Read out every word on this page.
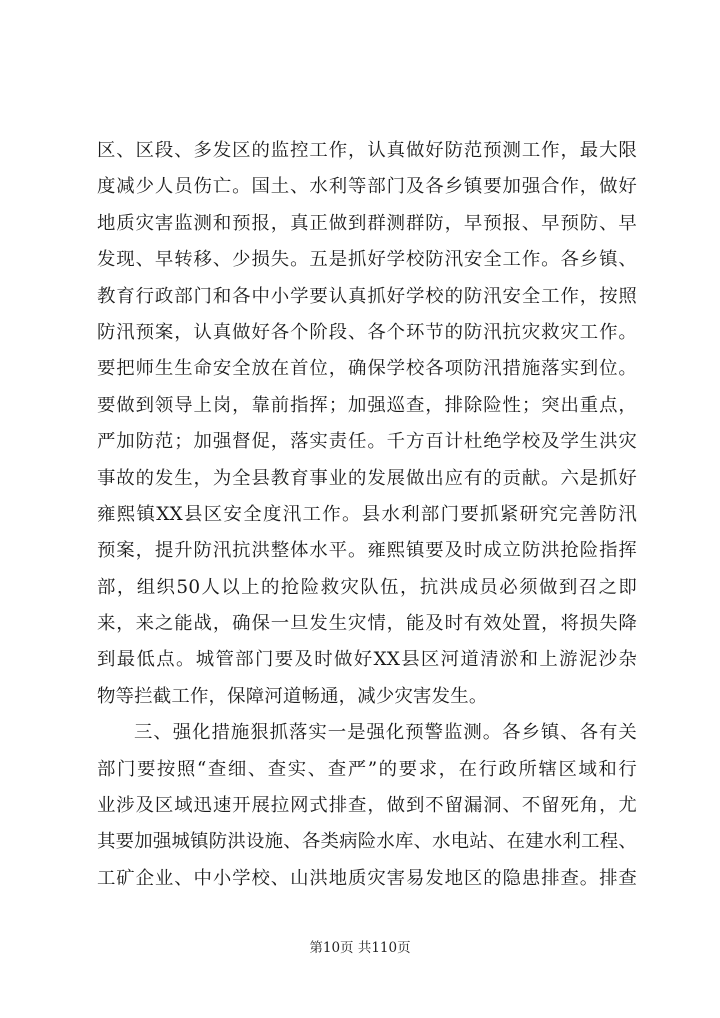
区、区段、多发区的监控工作，认真做好防范预测工作，最大限
度减少人员伤亡。国土、水利等部门及各乡镇要加强合作，做好
地质灾害监测和预报，真正做到群测群防，早预报、早预防、早
发现、早转移、少损失。五是抓好学校防汛安全工作。各乡镇、
教育行政部门和各中小学要认真抓好学校的防汛安全工作，按照
防汛预案，认真做好各个阶段、各个环节的防汛抗灾救灾工作。
要把师生生命安全放在首位，确保学校各项防汛措施落实到位。
要做到领导上岗，靠前指挥；加强巡查，排除险性；突出重点，
严加防范；加强督促，落实责任。千方百计杜绝学校及学生洪灾
事故的发生，为全县教育事业的发展做出应有的贡献。六是抓好
雍熙镇XX县区安全度汛工作。县水利部门要抓紧研究完善防汛
预案，提升防汛抗洪整体水平。雍熙镇要及时成立防洪抢险指挥
部，组织50人以上的抢险救灾队伍，抗洪成员必须做到召之即
来，来之能战，确保一旦发生灾情，能及时有效处置，将损失降
到最低点。城管部门要及时做好XX县区河道清淤和上游泥沙杂
物等拦截工作，保障河道畅通，减少灾害发生。
三、强化措施狠抓落实一是强化预警监测。各乡镇、各有关
部门要按照“查细、查实、查严”的要求，在行政所辖区域和行
业涉及区域迅速开展拉网式排查，做到不留漏洞、不留死角，尤
其要加强城镇防洪设施、各类病险水库、水电站、在建水利工程、
工矿企业、中小学校、山洪地质灾害易发地区的隐患排查。排查
第10页 共110页
